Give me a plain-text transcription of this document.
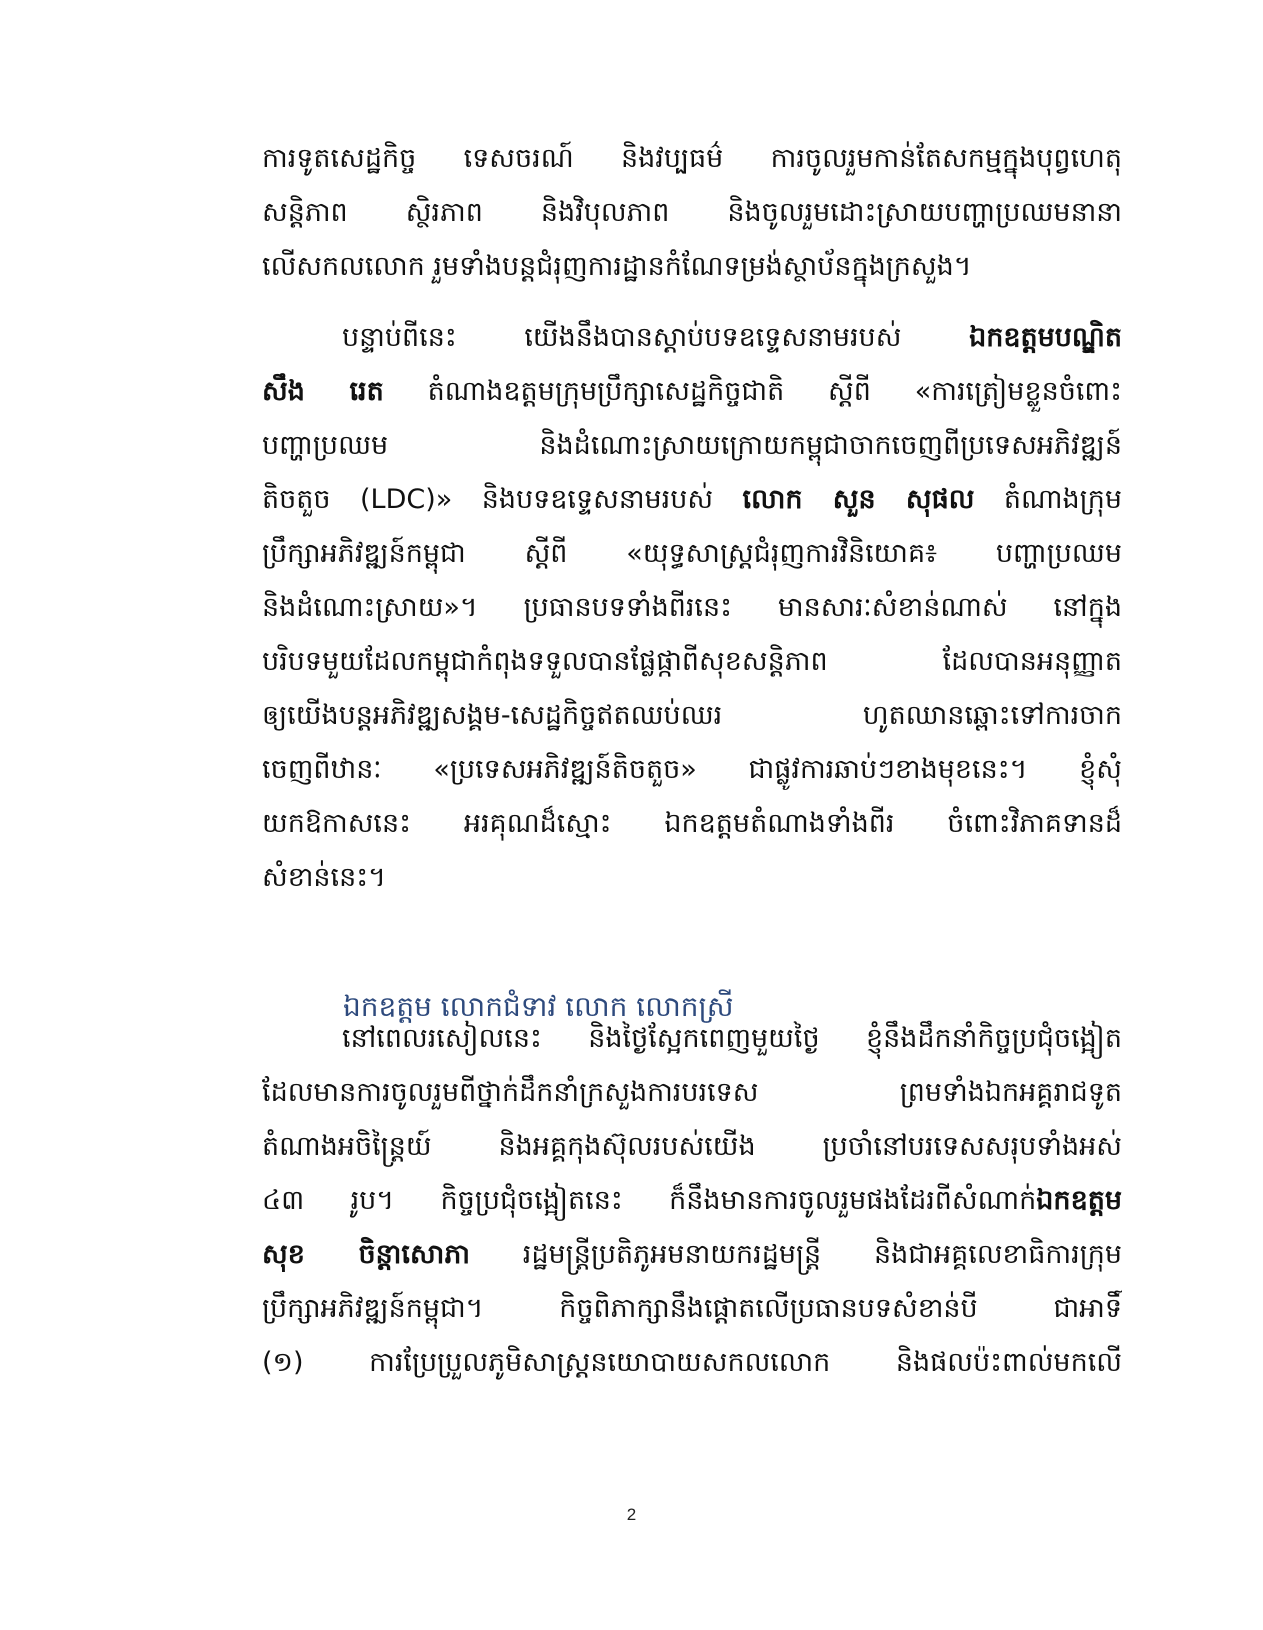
ការទូតសេដ្ឋកិច្ច ទេសចរណ៍ និងវប្បធម៌ ការចូលរួមកាន់តែសកម្មក្នុងបុព្វហេតុ
សន្តិភាព ស្ថិរភាព និងវិបុលភាព និងចូលរួមដោះស្រាយបញ្ហាប្រឈមនានា
លើសកលលោក រួមទាំងបន្តជំរុញការដ្ឋានកំណែទម្រង់ស្ថាប័នក្នុងក្រសួង។
បន្ទាប់ពីនេះ យើងនឹងបានស្តាប់បទឧទ្ទេសនាមរបស់ ឯកឧត្តមបណ្ឌិត
សឹង រេត តំណាងឧត្តមក្រុមប្រឹក្សាសេដ្ឋកិច្ចជាតិ ស្តីពី «ការត្រៀមខ្លួនចំពោះ
បញ្ហាប្រឈម និងដំណោះស្រាយក្រោយកម្ពុជាចាកចេញពីប្រទេសអភិវឌ្ឍន៍
តិចតួច (LDC)» និងបទឧទ្ទេសនាមរបស់ លោក សួន សុផល តំណាងក្រុម
ប្រឹក្សាអភិវឌ្ឍន៍កម្ពុជា ស្តីពី «យុទ្ធសាស្ត្រជំរុញការវិនិយោគ៖ បញ្ហាប្រឈម
និងដំណោះស្រាយ»។ ប្រធានបទទាំងពីរនេះ មានសារៈសំខាន់ណាស់ នៅក្នុង
បរិបទមួយដែលកម្ពុជាកំពុងទទួលបានផ្លែផ្កាពីសុខសន្តិភាព ដែលបានអនុញ្ញាត
ឲ្យយើងបន្តអភិវឌ្ឍសង្គម-សេដ្ឋកិច្ចឥតឈប់ឈរ ហូតឈានឆ្ពោះទៅការចាក
ចេញពីឋានៈ «ប្រទេសអភិវឌ្ឍន៍តិចតួច» ជាផ្លូវការឆាប់ៗខាងមុខនេះ។ ខ្ញុំសុំ
យកឱកាសនេះ អរគុណដ៏ស្មោះ ឯកឧត្តមតំណាងទាំងពីរ ចំពោះវិភាគទានដ៏
សំខាន់នេះ។
ឯកឧត្តម លោកជំទាវ លោក លោកស្រី
នៅពេលរសៀលនេះ និងថ្ងៃស្អែកពេញមួយថ្ងៃ ខ្ញុំនឹងដឹកនាំកិច្ចប្រជុំចង្អៀត
ដែលមានការចូលរួមពីថ្នាក់ដឹកនាំក្រសួងការបរទេស ព្រមទាំងឯកអគ្គរាជទូត
តំណាងអចិន្ត្រៃយ៍ និងអគ្គកុងស៊ុលរបស់យើង ប្រចាំនៅបរទេសសរុបទាំងអស់
៤៣ រូប។ កិច្ចប្រជុំចង្អៀតនេះ ក៏នឹងមានការចូលរួមផងដែរពីសំណាក់ឯកឧត្តម
សុខ ចិន្តាសោភា រដ្ឋមន្ត្រីប្រតិភូអមនាយករដ្ឋមន្ត្រី និងជាអគ្គលេខាធិការក្រុម
ប្រឹក្សាអភិវឌ្ឍន៍កម្ពុជា។ កិច្ចពិភាក្សានឹងផ្តោតលើប្រធានបទសំខាន់បី ជាអាទិ៍
(១) ការប្រែប្រួលភូមិសាស្ត្រនយោបាយសកលលោក និងផលប៉ះពាល់មកលើ
2
